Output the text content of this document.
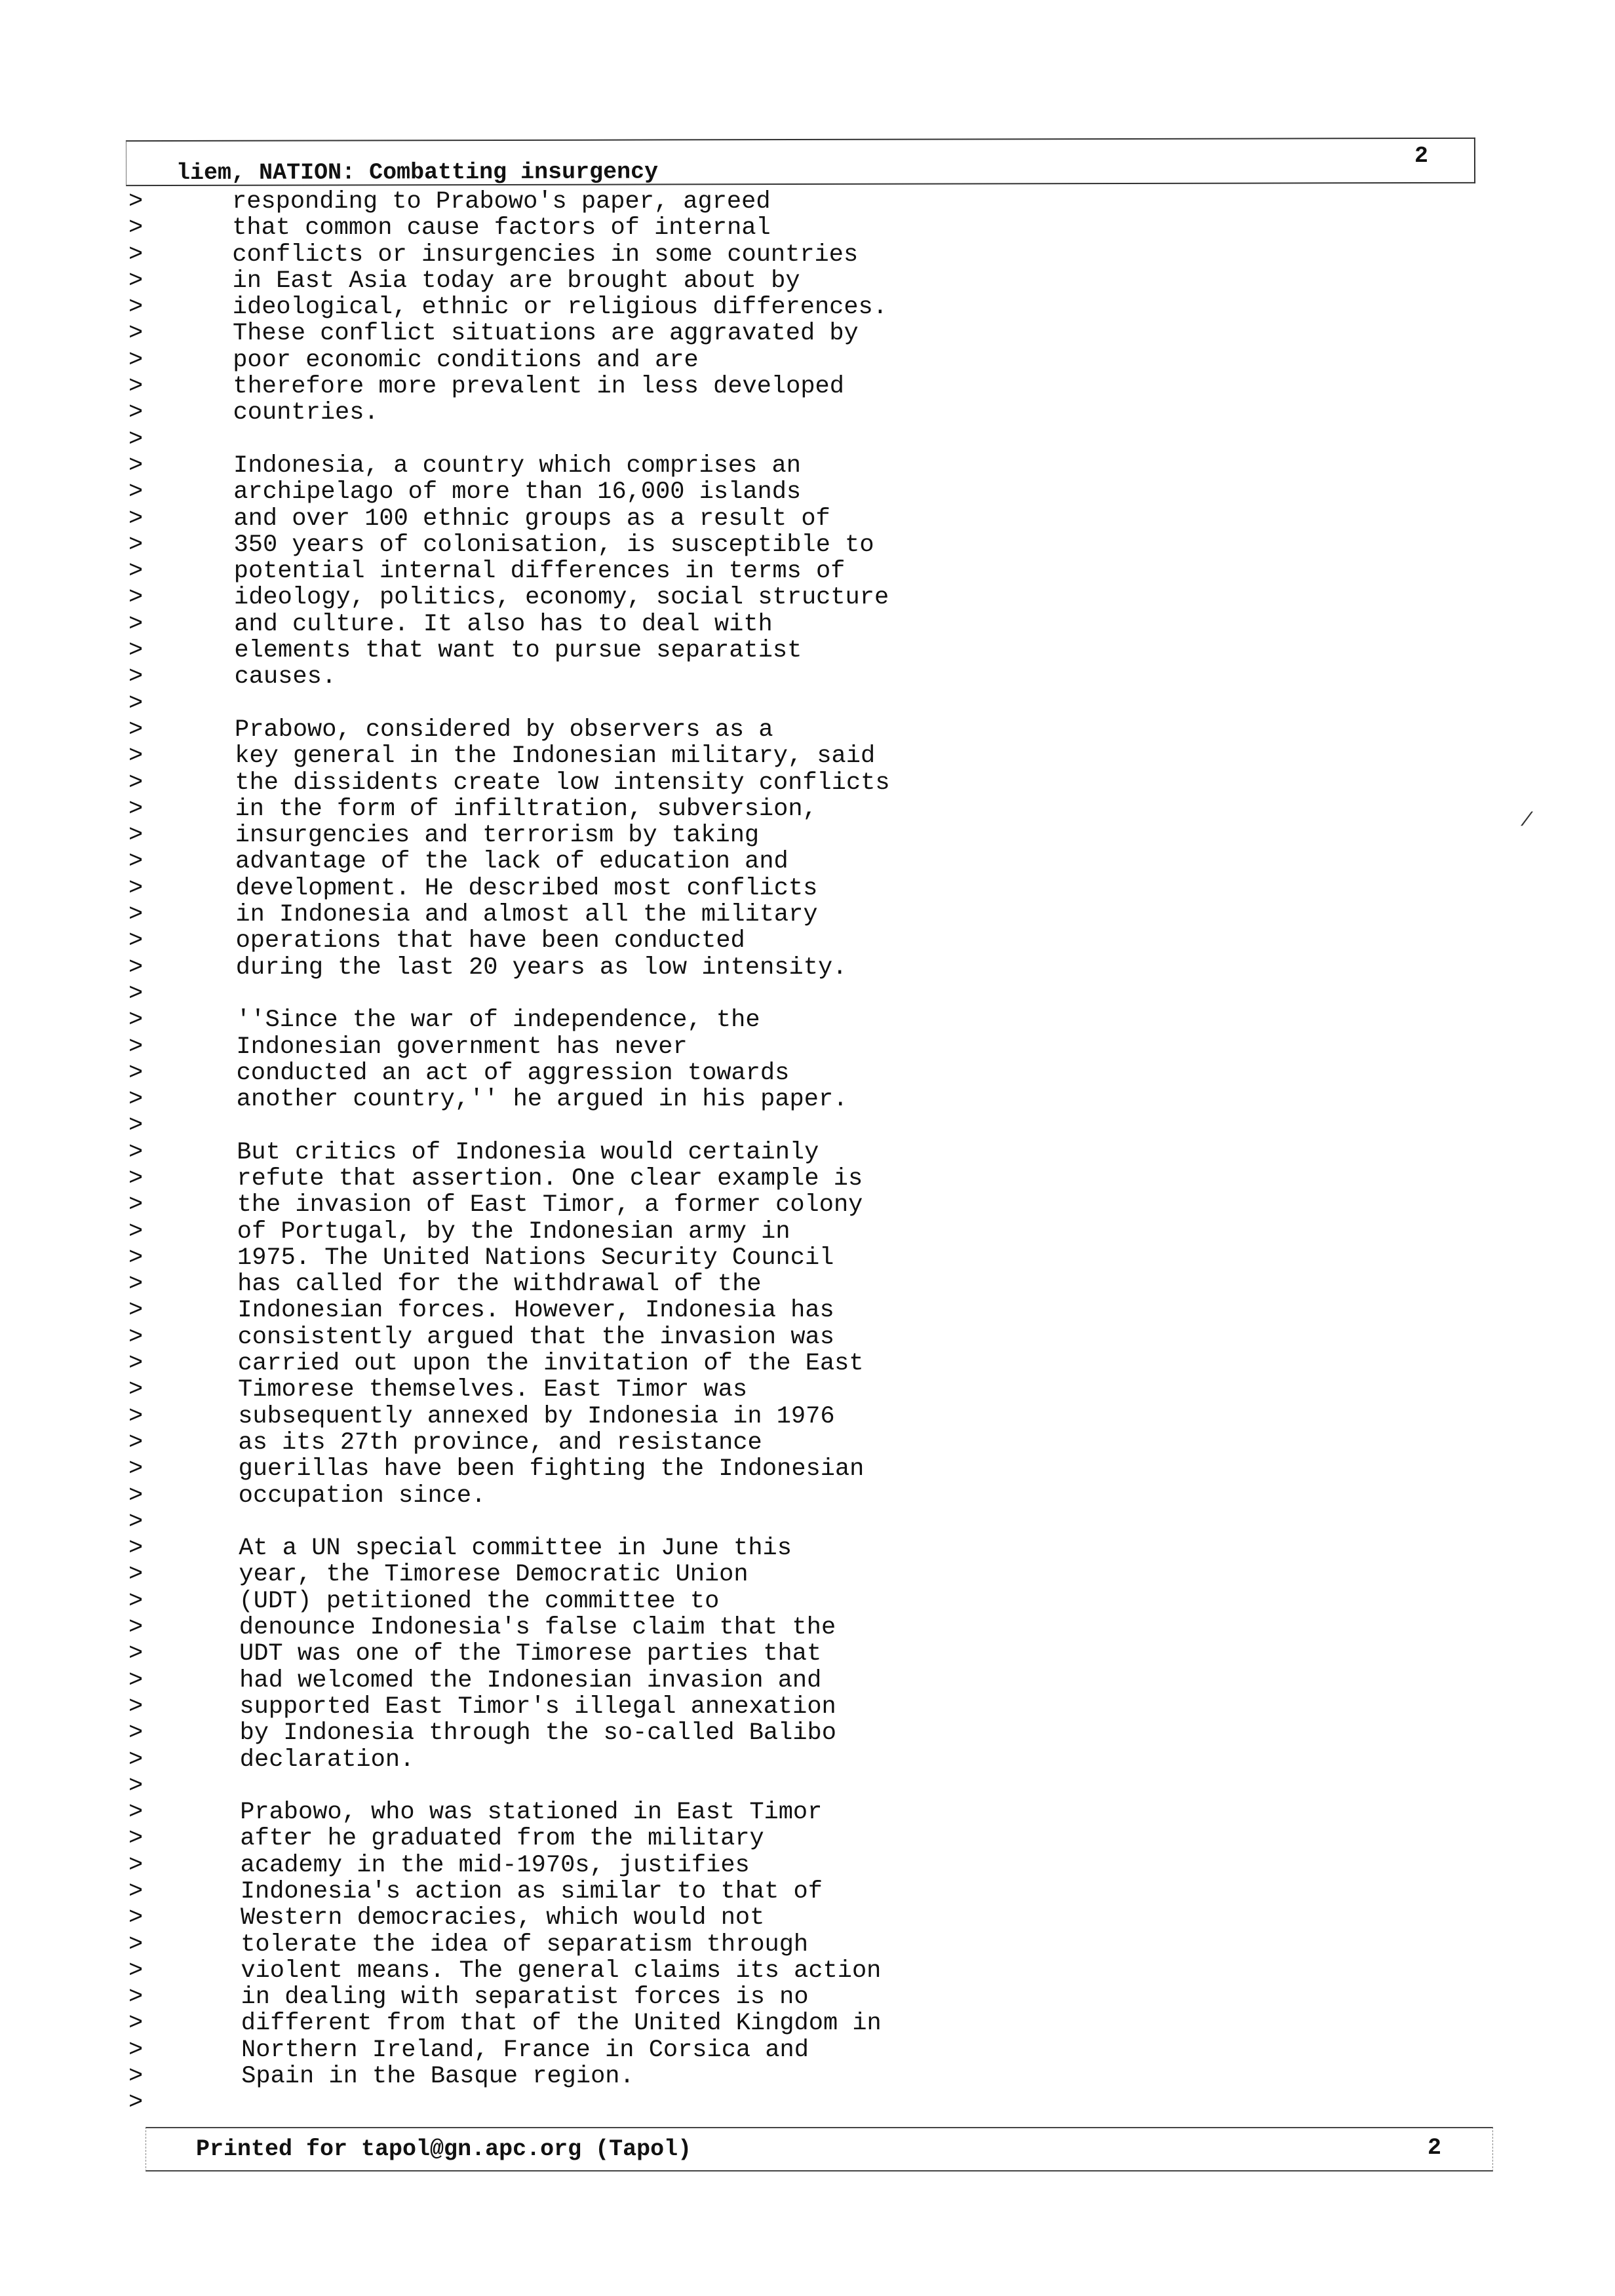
liem, NATION: Combatting insurgency
2
>	responding to Prabowo's paper, agreed
>	that common cause factors of internal
>	conflicts or insurgencies in some countries
>	in East Asia today are brought about by
>	ideological, ethnic or religious differences.
>	These conflict situations are aggravated by
>	poor economic conditions and are
>	therefore more prevalent in less developed
>	countries.
>
>	Indonesia, a country which comprises an
>	archipelago of more than 16,000 islands
>	and over 100 ethnic groups as a result of
>	350 years of colonisation, is susceptible to
>	potential internal differences in terms of
>	ideology, politics, economy, social structure
>	and culture. It also has to deal with
>	elements that want to pursue separatist
>	causes.
>
>	Prabowo, considered by observers as a
>	key general in the Indonesian military, said
>	the dissidents create low intensity conflicts
>	in the form of infiltration, subversion,
>	insurgencies and terrorism by taking
>	advantage of the lack of education and
>	development. He described most conflicts
>	in Indonesia and almost all the military
>	operations that have been conducted
>	during the last 20 years as low intensity.
>
>	''Since the war of independence, the
>	Indonesian government has never
>	conducted an act of aggression towards
>	another country,'' he argued in his paper.
>
>	But critics of Indonesia would certainly
>	refute that assertion. One clear example is
>	the invasion of East Timor, a former colony
>	of Portugal, by the Indonesian army in
>	1975. The United Nations Security Council
>	has called for the withdrawal of the
>	Indonesian forces. However, Indonesia has
>	consistently argued that the invasion was
>	carried out upon the invitation of the East
>	Timorese themselves. East Timor was
>	subsequently annexed by Indonesia in 1976
>	as its 27th province, and resistance
>	guerillas have been fighting the Indonesian
>	occupation since.
>
>	At a UN special committee in June this
>	year, the Timorese Democratic Union
>	(UDT) petitioned the committee to
>	denounce Indonesia's false claim that the
>	UDT was one of the Timorese parties that
>	had welcomed the Indonesian invasion and
>	supported East Timor's illegal annexation
>	by Indonesia through the so-called Balibo
>	declaration.
>
>	Prabowo, who was stationed in East Timor
>	after he graduated from the military
>	academy in the mid-1970s, justifies
>	Indonesia's action as similar to that of
>	Western democracies, which would not
>	tolerate the idea of separatism through
>	violent means. The general claims its action
>	in dealing with separatist forces is no
>	different from that of the United Kingdom in
>	Northern Ireland, France in Corsica and
>	Spain in the Basque region.
>
/
Printed for tapol@gn.apc.org (Tapol)	2
